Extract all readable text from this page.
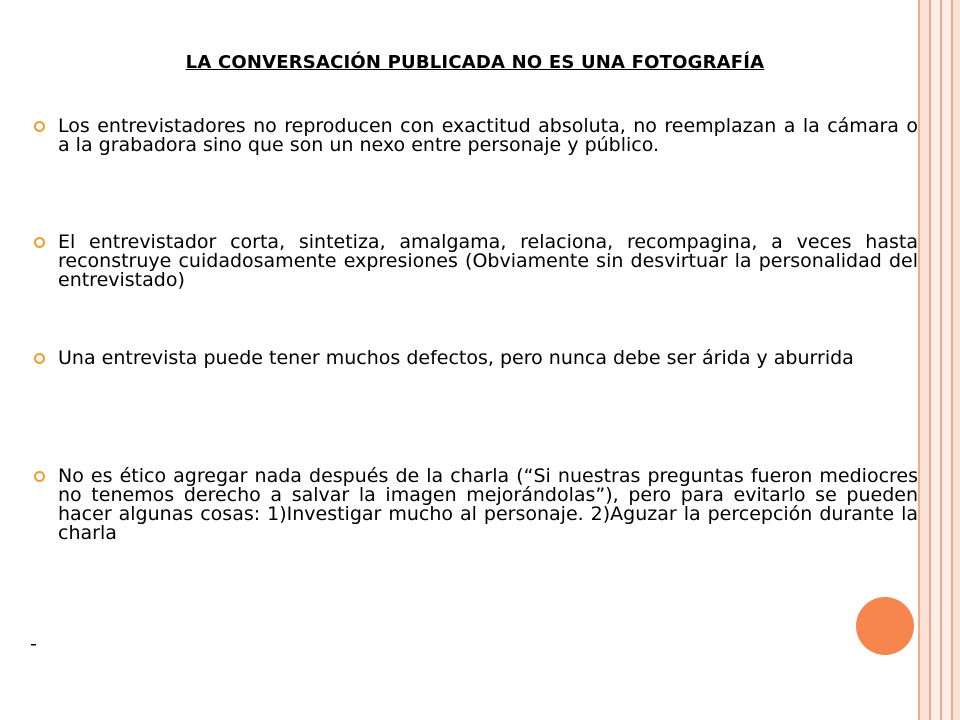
LA CONVERSACIÓN PUBLICADA NO ES UNA FOTOGRAFÍA
Los entrevistadores no reproducen con exactitud absoluta, no reemplazan a la cámara o a la grabadora sino que son un nexo entre personaje y público.
El entrevistador corta, sintetiza, amalgama, relaciona, recompagina, a veces hasta reconstruye cuidadosamente expresiones (Obviamente sin desvirtuar la personalidad del entrevistado)
Una entrevista puede tener muchos defectos, pero nunca debe ser árida y aburrida
No es ético agregar nada después de la charla (“Si nuestras preguntas fueron mediocres no tenemos derecho a salvar la imagen mejorándolas”), pero para evitarlo se pueden hacer algunas cosas: 1)Investigar mucho al personaje. 2)Aguzar la percepción durante la charla
-
